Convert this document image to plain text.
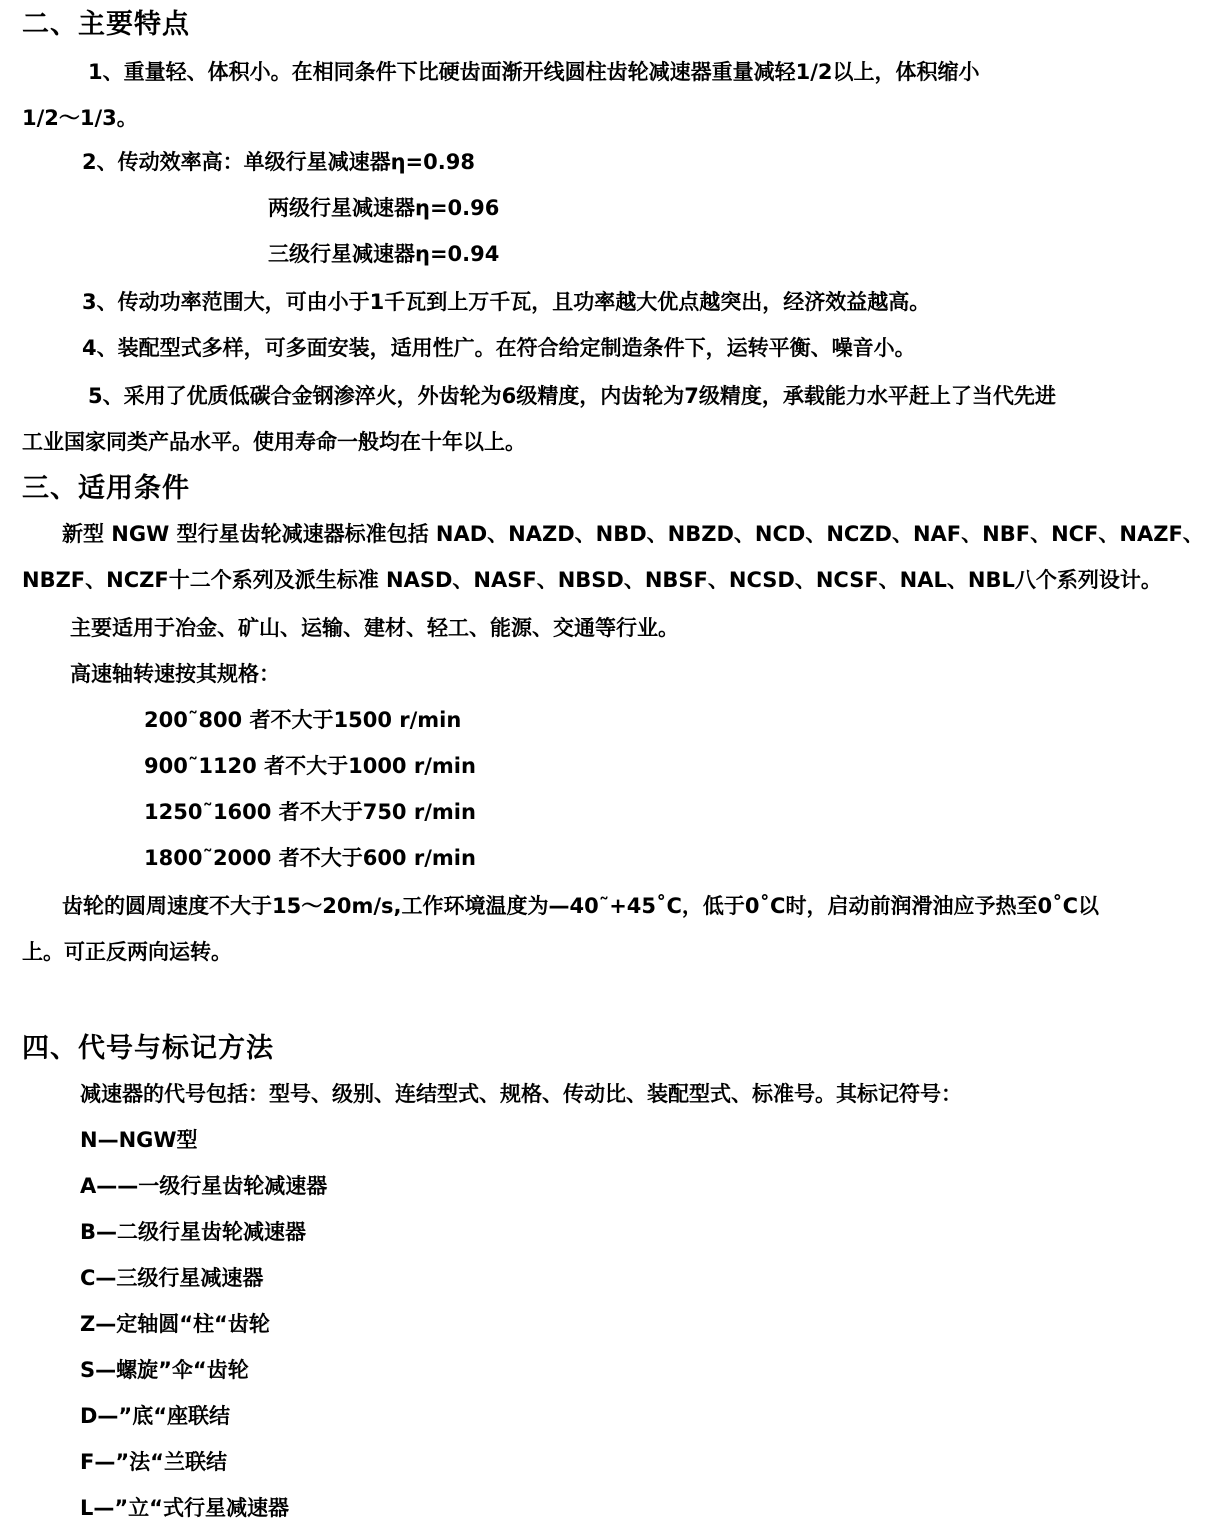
二、主要特点
1、重量轻、体积小。在相同条件下比硬齿面渐开线圆柱齿轮减速器重量减轻1/2以上，体积缩小
1/2～1/3。
2、传动效率高：单级行星减速器η=0.98
两级行星减速器η=0.96
三级行星减速器η=0.94
3、传动功率范围大，可由小于1千瓦到上万千瓦，且功率越大优点越突出，经济效益越高。
4、装配型式多样，可多面安装，适用性广。在符合给定制造条件下，运转平衡、噪音小。
5、采用了优质低碳合金钢渗淬火，外齿轮为6级精度，内齿轮为7级精度，承载能力水平赶上了当代先进
工业国家同类产品水平。使用寿命一般均在十年以上。
三、适用条件
新型 NGW 型行星齿轮减速器标准包括 NAD、NAZD、NBD、NBZD、NCD、NCZD、NAF、NBF、NCF、NAZF、
NBZF、NCZF十二个系列及派生标准 NASD、NASF、NBSD、NBSF、NCSD、NCSF、NAL、NBL八个系列设计。
主要适用于冶金、矿山、运输、建材、轻工、能源、交通等行业。
高速轴转速按其规格：
200˜800 者不大于1500 r/min
900˜1120 者不大于1000 r/min
1250˜1600 者不大于750 r/min
1800˜2000 者不大于600 r/min
齿轮的圆周速度不大于15～20m/s,工作环境温度为—40˜+45˚C，低于0˚C时，启动前润滑油应予热至0˚C以
上。可正反两向运转。
四、代号与标记方法
减速器的代号包括：型号、级别、连结型式、规格、传动比、装配型式、标准号。其标记符号：
N—NGW型
A——一级行星齿轮减速器
B—二级行星齿轮减速器
C—三级行星减速器
Z—定轴圆“柱“齿轮
S—螺旋”伞“齿轮
D—”底“座联结
F—”法“兰联结
L—”立“式行星减速器
